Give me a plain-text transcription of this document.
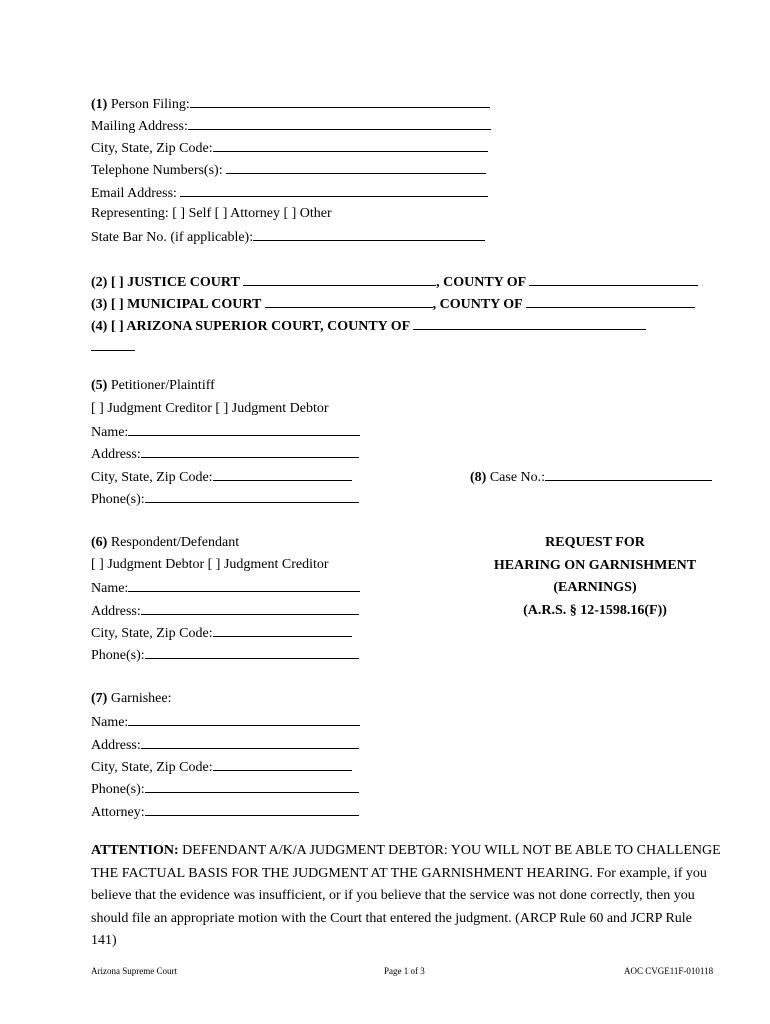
(1) Person Filing:
Mailing Address:
City, State, Zip Code:
Telephone Numbers(s):
Email Address:
Representing: [ ] Self [ ] Attorney [ ] Other
State Bar No. (if applicable):
(2) [ ] JUSTICE COURT	, COUNTY OF
(3) [ ] MUNICIPAL COURT	, COUNTY OF
(4) [ ] ARIZONA SUPERIOR COURT, COUNTY OF
(5) Petitioner/Plaintiff
[ ] Judgment Creditor [ ] Judgment Debtor
Name:
Address:
City, State, Zip Code:
Phone(s):
(8) Case No.:
(6) Respondent/Defendant
[ ] Judgment Debtor [ ] Judgment Creditor
Name:
Address:
City, State, Zip Code:
Phone(s):
REQUEST FOR
HEARING ON GARNISHMENT
(EARNINGS)
(A.R.S. § 12-1598.16(F))
(7) Garnishee:
Name:
Address:
City, State, Zip Code:
Phone(s):
Attorney:
ATTENTION: DEFENDANT A/K/A JUDGMENT DEBTOR: YOU WILL NOT BE ABLE TO CHALLENGE THE FACTUAL BASIS FOR THE JUDGMENT AT THE GARNISHMENT HEARING. For example, if you believe that the evidence was insufficient, or if you believe that the service was not done correctly, then you should file an appropriate motion with the Court that entered the judgment. (ARCP Rule 60 and JCRP Rule 141)
Arizona Supreme Court	Page 1 of 3	AOC CVGE11F-010118
